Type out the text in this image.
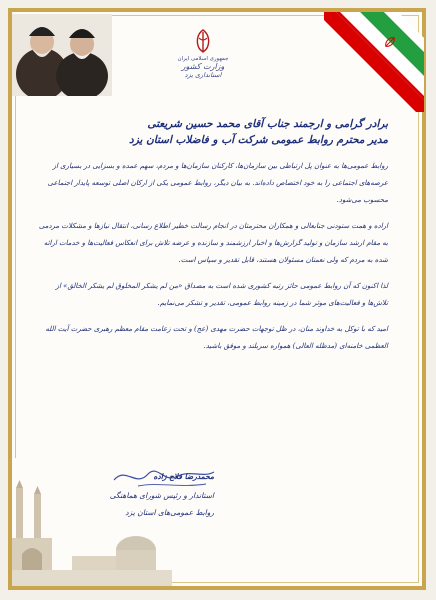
جمهوری اسلامی ایران
وزارت کشور
استانداری یزد
برادر گرامی و ارجمند جناب آقای محمد حسین شریعتی
مدیر محترم روابط عمومی شرکت آب و فاضلاب استان یزد
روابط عمومی‌ها به عنوان پل ارتباطی بین سازمان‌ها، کارکنان سازمان‌ها و مردم، سهم عمده و بسزایی در بسیاری از عرصه‌های اجتماعی را به خود اختصاص داده‌اند. به بیان دیگر، روابط عمومی یکی از ارکان اصلی توسعه پایدار اجتماعی محسوب می‌شود.
اراده و همت ستودنی جنابعالی و همکاران محترمتان در انجام رسالت خطیر اطلاع رسانی، انتقال نیازها و مشکلات مردمی به مقام ارشد سازمان و تولید گزارش‌ها و اخبار ارزشمند و سازنده و عرضه تلاش برای انعکاس فعالیت‌ها و خدمات ارائه شده به مردم که ولی نعمتان مسئولان هستند، قابل تقدیر و سپاس است.
لذا اکنون که آن روابط عمومی حائز رتبه کشوری شده است به مصداق «من لم یشکر المخلوق لم یشکر الخالق» از تلاش‌ها و فعالیت‌های موثر شما در زمینه روابط عمومی، تقدیر و تشکر می‌نمایم.
امید که با توکل به خداوند منان، در ظل توجهات حضرت مهدی (عج) و تحت زعامت مقام معظم رهبری حضرت آیت الله العظمی خامنه‌ای (مدظله العالی) همواره سربلند و موفق باشید.
محمدرضا فلاح زاده
استاندار و رئیس شورای هماهنگی
روابط عمومی‌های استان یزد
